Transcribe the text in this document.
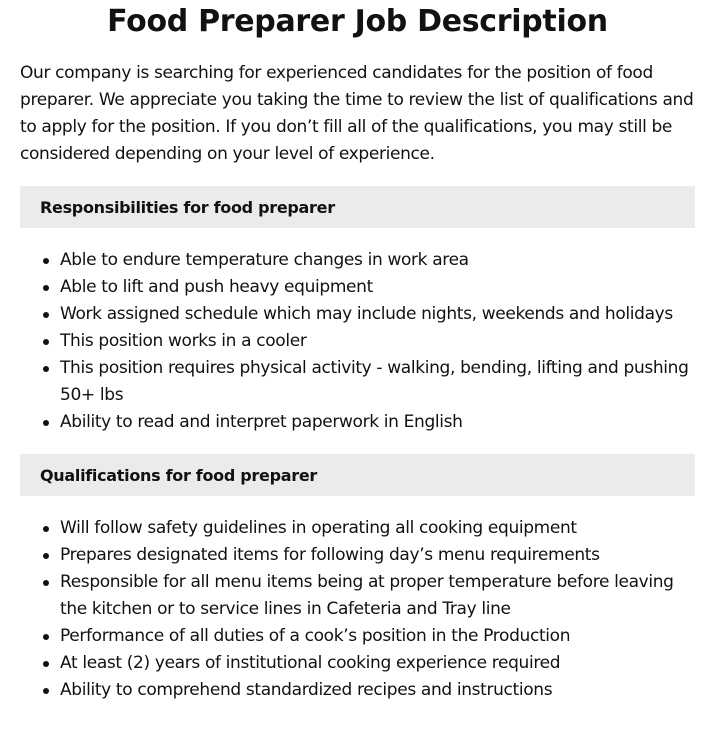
Food Preparer Job Description

Our company is searching for experienced candidates for the position of food preparer. We appreciate you taking the time to review the list of qualifications and to apply for the position. If you don’t fill all of the qualifications, you may still be considered depending on your level of experience.

Responsibilities for food preparer
Able to endure temperature changes in work area
Able to lift and push heavy equipment
Work assigned schedule which may include nights, weekends and holidays
This position works in a cooler
This position requires physical activity - walking, bending, lifting and pushing 50+ lbs
Ability to read and interpret paperwork in English
Qualifications for food preparer
Will follow safety guidelines in operating all cooking equipment
Prepares designated items for following day’s menu requirements
Responsible for all menu items being at proper temperature before leaving the kitchen or to service lines in Cafeteria and Tray line
Performance of all duties of a cook’s position in the Production
At least (2) years of institutional cooking experience required
Ability to comprehend standardized recipes and instructions
